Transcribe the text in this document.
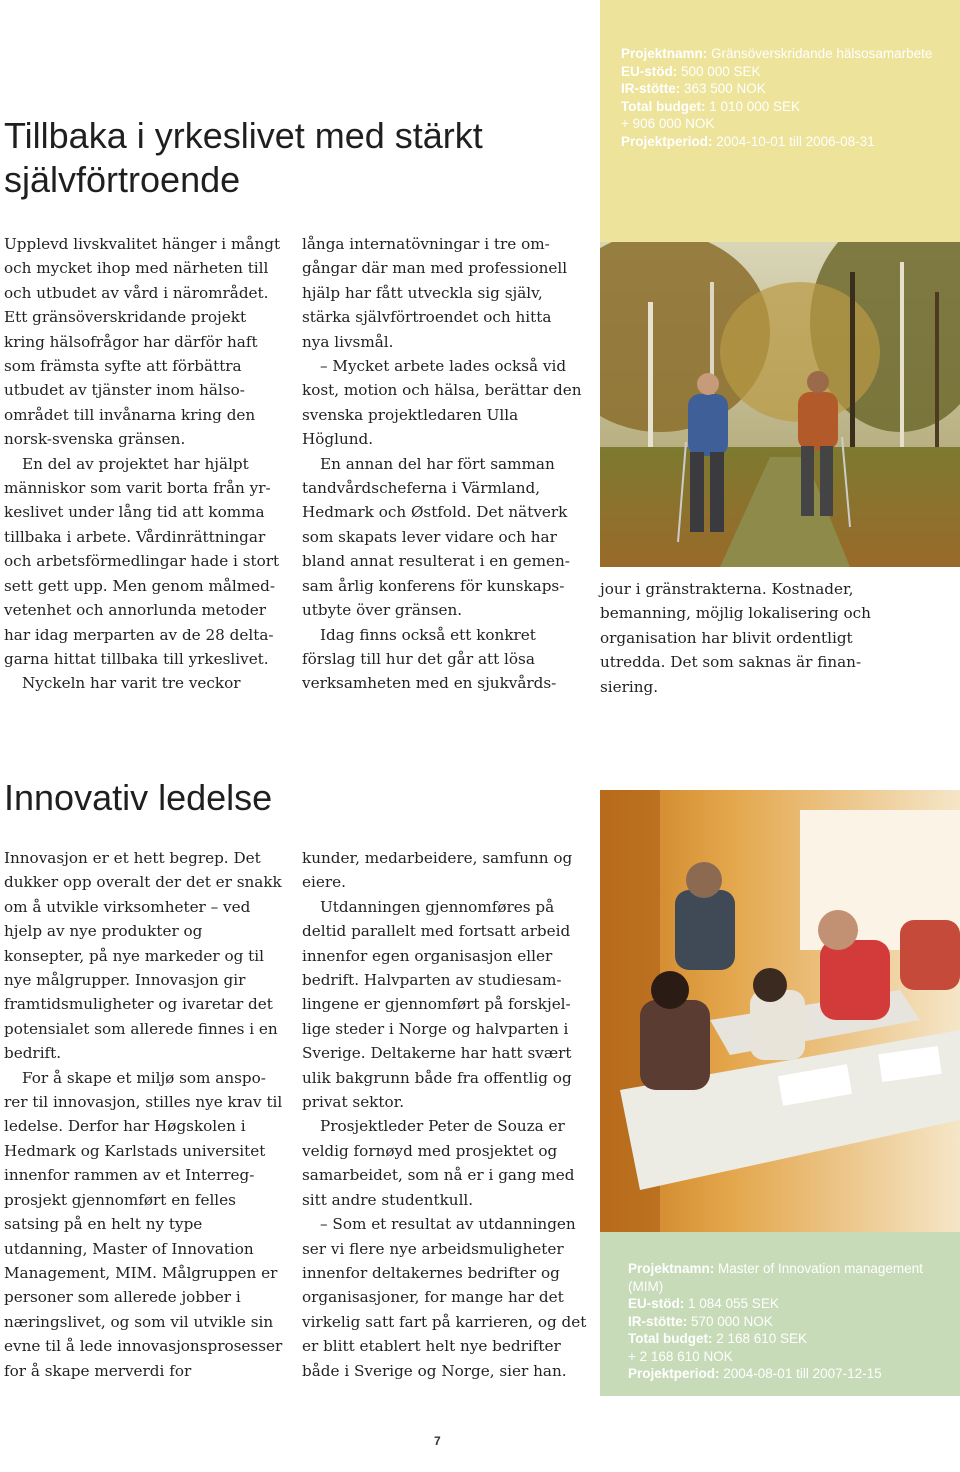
Tillbaka i yrkeslivet med stärkt självförtroende
Projektnamn: Gränsöverskridande hälsosamarbete
EU-stöd: 500 000 SEK
IR-stötte: 363 500 NOK
Total budget: 1 010 000 SEK
+ 906 000 NOK
Projektperiod: 2004-10-01 till 2006-08-31

Upplevd livskvalitet hänger i mångt och mycket ihop med närheten till och utbudet av vård i närområdet. Ett gränsöverskridande projekt kring hälsofrågor har därför haft som främsta syfte att förbättra utbudet av tjänster inom hälsoområdet till invånarna kring den norsk-svenska gränsen.

En del av projektet har hjälpt människor som varit borta från yrkeslivet under lång tid att komma tillbaka i arbete. Vårdinrättningar och arbetsförmedlingar hade i stort sett gett upp. Men genom målmedvetenhet och annorlunda metoder har idag merparten av de 28 deltagarna hittat tillbaka till yrkeslivet.

Nyckeln har varit tre veckor

långa internatövningar i tre omgångar där man med professionell hjälp har fått utveckla sig själv, stärka självförtroendet och hitta nya livsmål.

– Mycket arbete lades också vid kost, motion och hälsa, berättar den svenska projektledaren Ulla Höglund.

En annan del har fört samman tandvårdscheferna i Värmland, Hedmark och Østfold. Det nätverk som skapats lever vidare och har bland annat resulterat i en gemensam årlig konferens för kunskapsutbyte över gränsen.

Idag finns också ett konkret förslag till hur det går att lösa verksamheten med en sjukvårds-

jour i gränstrakterna. Kostnader, bemanning, möjlig lokalisering och organisation har blivit ordentligt utredda. Det som saknas är finansiering.

Innovativ ledelse

Innovasjon er et hett begrep. Det dukker opp overalt der det er snakk om å utvikle virksomheter – ved hjelp av nye produkter og konsepter, på nye markeder og til nye målgrupper. Innovasjon gir framtidsmuligheter og ivaretar det potensialet som allerede finnes i en bedrift.

For å skape et miljø som ansporer til innovasjon, stilles nye krav til ledelse. Derfor har Høgskolen i Hedmark og Karlstads universitet innenfor rammen av et Interreg-prosjekt gjennomført en felles satsing på en helt ny type utdanning, Master of Innovation Management, MIM. Målgruppen er personer som allerede jobber i næringslivet, og som vil utvikle sin evne til å lede innovasjonsprosesser for å skape merverdi for

kunder, medarbeidere, samfunn og eiere.

Utdanningen gjennomføres på deltid parallelt med fortsatt arbeid innenfor egen organisasjon eller bedrift. Halvparten av studiesamlingene er gjennomført på forskjellige steder i Norge og halvparten i Sverige. Deltakerne har hatt svært ulik bakgrunn både fra offentlig og privat sektor.

Prosjektleder Peter de Souza er veldig fornøyd med prosjektet og samarbeidet, som nå er i gang med sitt andre studentkull.

– Som et resultat av utdanningen ser vi flere nye arbeidsmuligheter innenfor deltakernes bedrifter og organisasjoner, for mange har det virkelig satt fart på karrieren, og det er blitt etablert helt nye bedrifter både i Sverige og Norge, sier han.

Projektnamn: Master of Innovation management (MIM)
EU-stöd: 1 084 055 SEK
IR-stötte: 570 000 NOK
Total budget: 2 168 610 SEK
+ 2 168 610 NOK
Projektperiod: 2004-08-01 till 2007-12-15
7
